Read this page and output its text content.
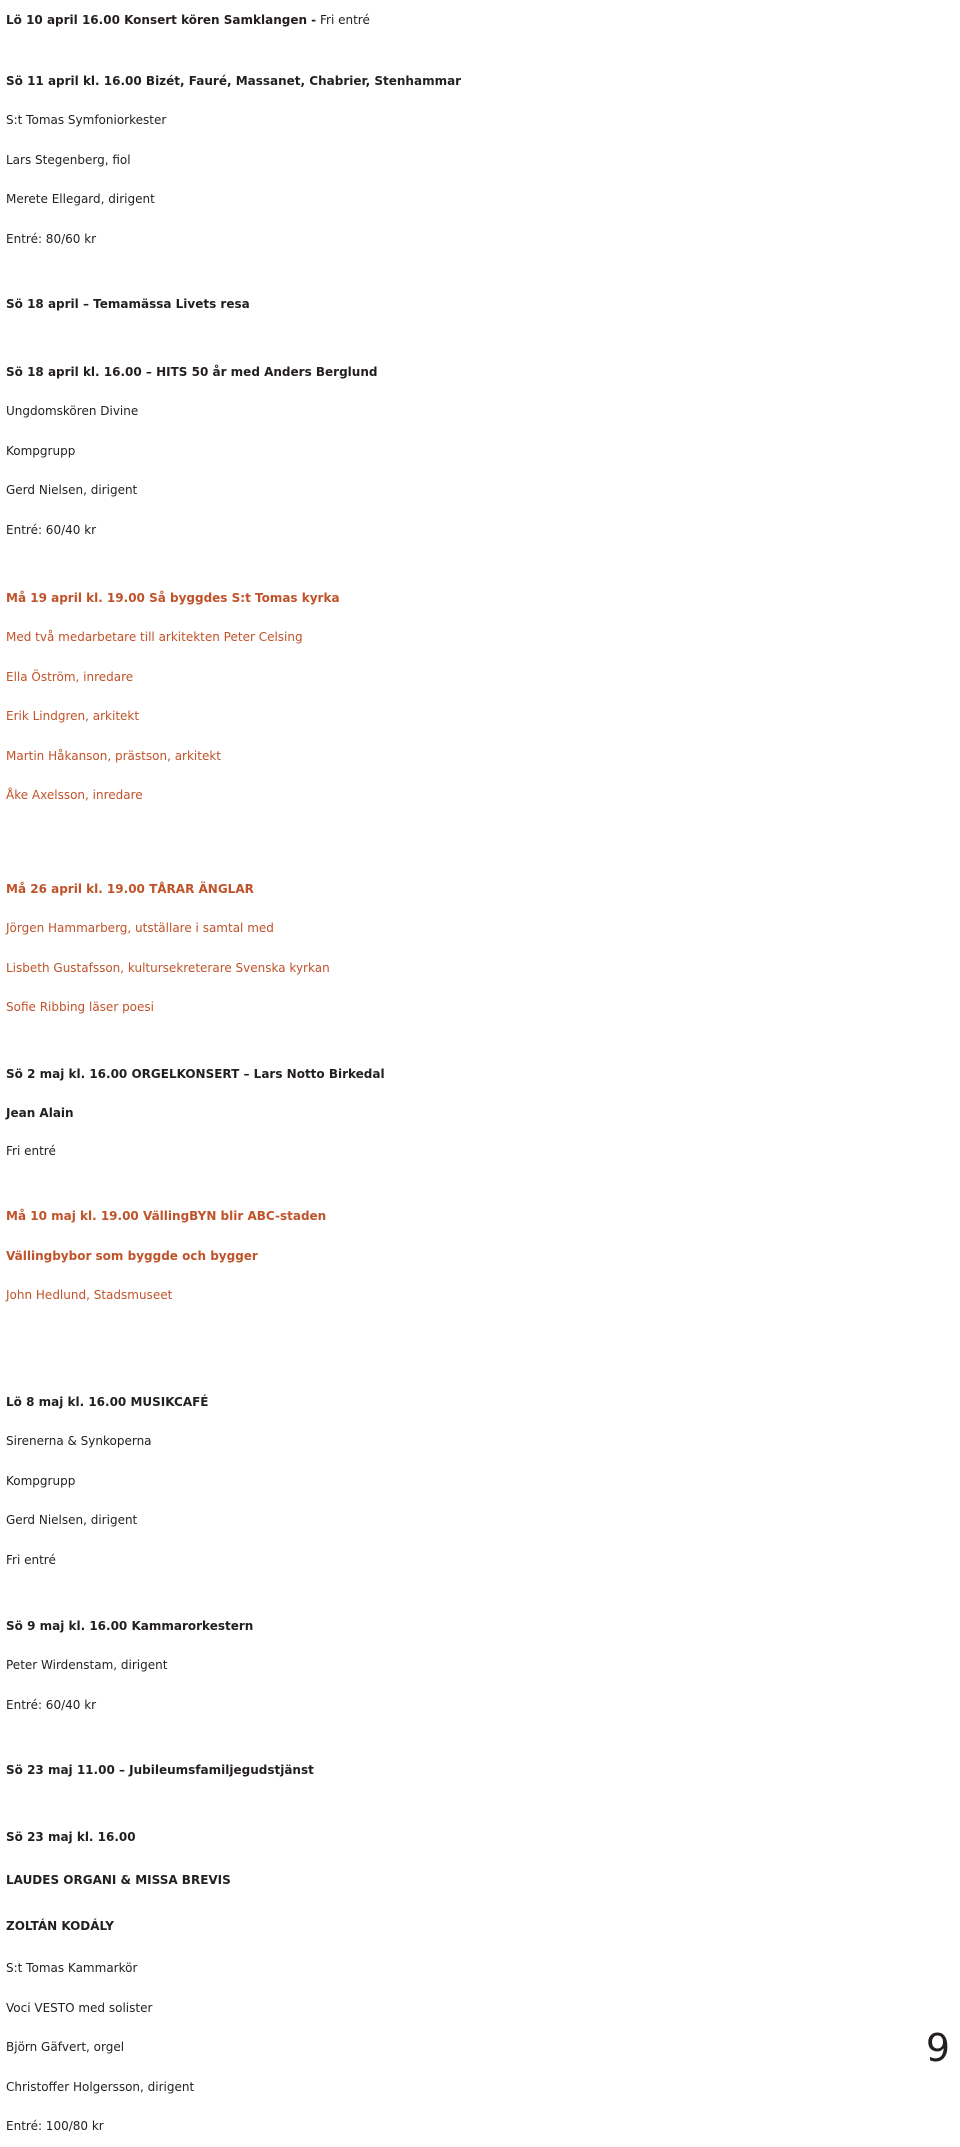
Lö 10 april 16.00 Konsert kören Samklangen - Fri entré
Sö 11 april kl. 16.00 Bizét, Fauré, Massanet, Chabrier, Stenhammar
S:t Tomas Symfoniorkester
Lars Stegenberg, fiol
Merete Ellegard, dirigent
Entré: 80/60 kr
Sö 18 april – Temamässa Livets resa
Sö 18 april kl. 16.00 – HITS 50 år med Anders Berglund
Ungdomskören Divine
Kompgrupp
Gerd Nielsen, dirigent
Entré: 60/40 kr
Må 19 april kl. 19.00 Så byggdes S:t Tomas kyrka
Med två medarbetare till arkitekten Peter Celsing
Ella Öström, inredare
Erik Lindgren, arkitekt
Martin Håkanson, prästson, arkitekt
Åke Axelsson, inredare
Må 26 april kl. 19.00 TÅRAR ÄNGLAR
Jörgen Hammarberg, utställare i samtal med
Lisbeth Gustafsson, kultursekreterare Svenska kyrkan
Sofie Ribbing läser poesi
Sö 2 maj kl. 16.00 ORGELKONSERT – Lars Notto Birkedal
Jean Alain
Fri entré
Må 10 maj kl. 19.00 VällingBYN blir ABC-staden
Vällingbybor som byggde och bygger
John Hedlund, Stadsmuseet
Lö 8 maj kl. 16.00 MUSIKCAFÉ
Sirenerna & Synkoperna
Kompgrupp
Gerd Nielsen, dirigent
Fri entré
Sö 9 maj kl. 16.00 Kammarorkestern
Peter Wirdenstam, dirigent
Entré: 60/40 kr
Sö 23 maj 11.00 – Jubileumsfamiljegudstjänst
Sö 23 maj kl. 16.00
LAUDES ORGANI & MISSA BREVIS
ZOLTÁN KODÁLY
S:t Tomas Kammarkör
Voci VESTO med solister
Björn Gäfvert, orgel
Christoffer Holgersson, dirigent
Entré: 100/80 kr
9
